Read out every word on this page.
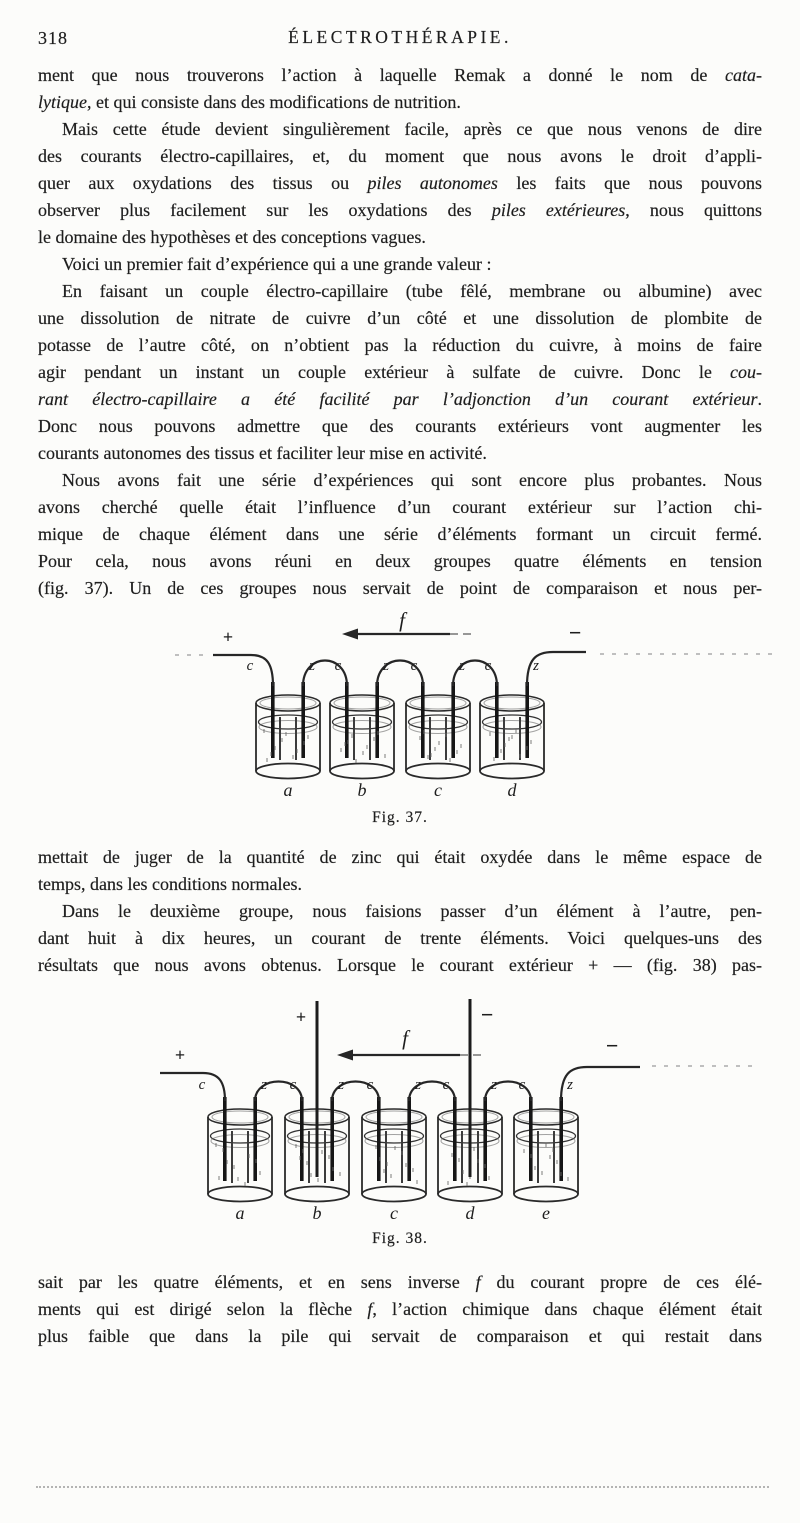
318	ÉLECTROTHÉRAPIE.
ment que nous trouverons l’action à laquelle Remak a donné le nom de cata-
lytique, et qui consiste dans des modifications de nutrition.
Mais cette étude devient singulièrement facile, après ce que nous venons de dire
des courants électro-capillaires, et, du moment que nous avons le droit d’appli-
quer aux oxydations des tissus ou piles autonomes les faits que nous pouvons
observer plus facilement sur les oxydations des piles extérieures, nous quittons
le domaine des hypothèses et des conceptions vagues.
Voici un premier fait d’expérience qui a une grande valeur :
En faisant un couple électro-capillaire (tube fêlé, membrane ou albumine) avec
une dissolution de nitrate de cuivre d’un côté et une dissolution de plombite de
potasse de l’autre côté, on n’obtient pas la réduction du cuivre, à moins de faire
agir pendant un instant un couple extérieur à sulfate de cuivre. Donc le cou-
rant électro-capillaire a été facilité par l’adjonction d’un courant extérieur.
Donc nous pouvons admettre que des courants extérieurs vont augmenter les
courants autonomes des tissus et faciliter leur mise en activité.
Nous avons fait une série d’expériences qui sont encore plus probantes. Nous
avons cherché quelle était l’influence d’un courant extérieur sur l’action chi-
mique de chaque élément dans une série d’éléments formant un circuit fermé.
Pour cela, nous avons réuni en deux groupes quatre éléments en tension
(fig. 37). Un de ces groupes nous servait de point de comparaison et nous per-
a	b	c	d
z c	z c	z c
+
c
−
z
f
Fig. 37.
mettait de juger de la quantité de zinc qui était oxydée dans le même espace de
temps, dans les conditions normales.
Dans le deuxième groupe, nous faisions passer d’un élément à l’autre, pen-
dant huit à dix heures, un courant de trente éléments. Voici quelques-uns des
résultats que nous avons obtenus. Lorsque le courant extérieur + — (fig. 38) pas-
a	b	c	d	e
z c	z c	z c	z c
+
c
−
z
f
+	−
Fig. 38.
sait par les quatre éléments, et en sens inverse f du courant propre de ces élé-
ments qui est dirigé selon la flèche f, l’action chimique dans chaque élément était
plus faible que dans la pile qui servait de comparaison et qui restait dans
